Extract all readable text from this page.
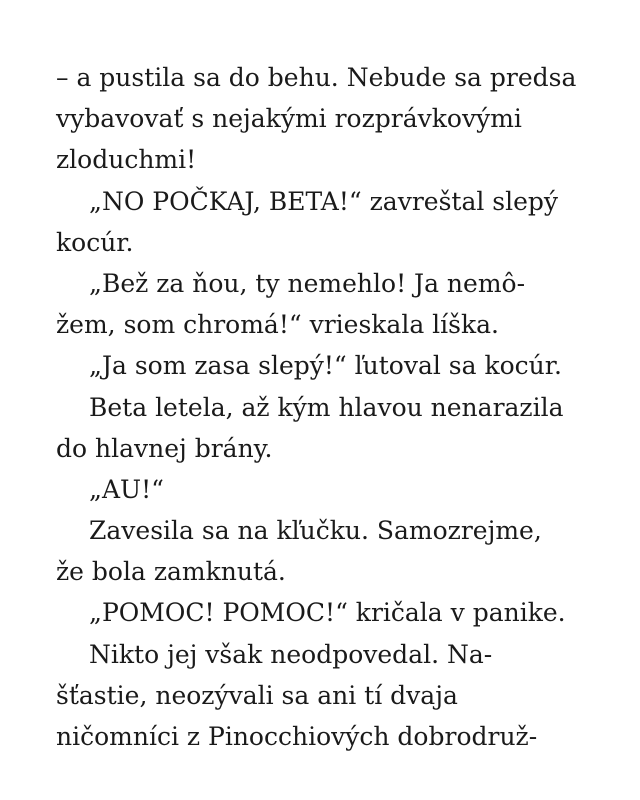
– a pustila sa do behu. Nebude sa predsa
vybavovať s nejakými rozprávkovými
zloduchmi!
„NO POČKAJ, BETA!“ zavreštal slepý
kocúr.
„Bež za ňou, ty nemehlo! Ja nemô-
žem, som chromá!“ vrieskala líška.
„Ja som zasa slepý!“ ľutoval sa kocúr.
Beta letela, až kým hlavou nenarazila
do hlavnej brány.
„AU!“
Zavesila sa na kľučku. Samozrejme,
že bola zamknutá.
„POMOC! POMOC!“ kričala v panike.
Nikto jej však neodpovedal. Na-
šťastie, neozývali sa ani tí dvaja
ničomníci z Pinocchiových dobrodruž-
